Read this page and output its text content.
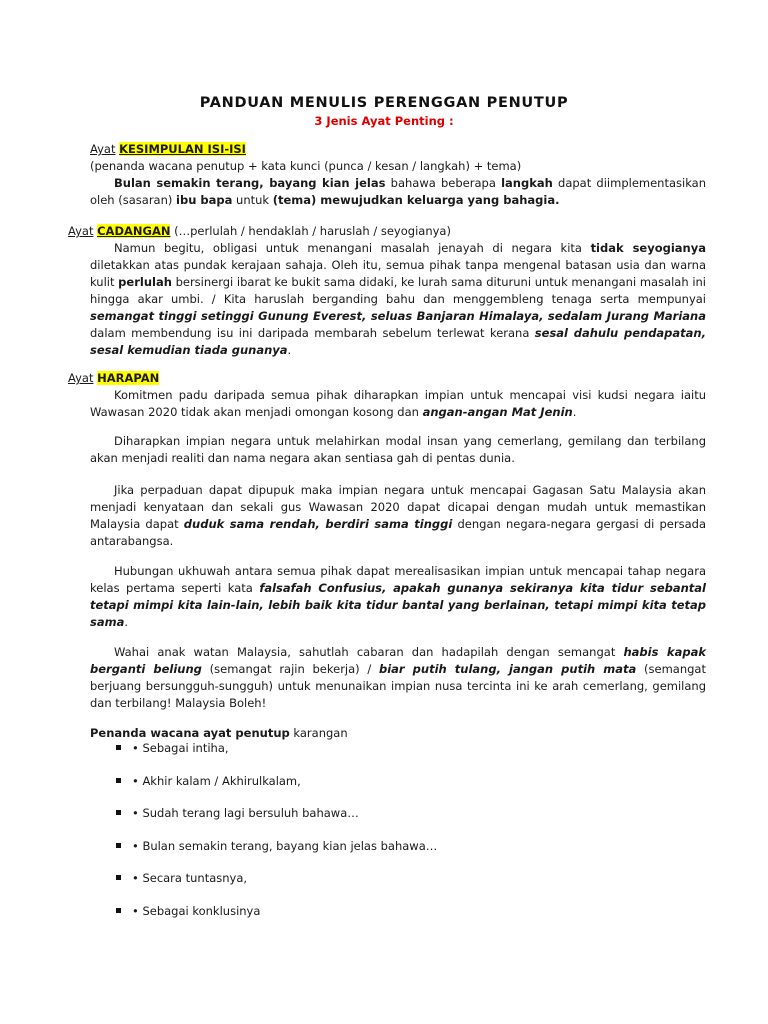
PANDUAN MENULIS PERENGGAN PENUTUP
3 Jenis Ayat Penting :
Ayat KESIMPULAN ISI-ISI
(penanda wacana penutup + kata kunci (punca / kesan / langkah) + tema)
Bulan semakin terang, bayang kian jelas bahawa beberapa langkah dapat diimplementasikan oleh (sasaran) ibu bapa untuk (tema) mewujudkan keluarga yang bahagia.
Ayat CADANGAN (…perlulah / hendaklah / haruslah / seyogianya)
Namun begitu, obligasi untuk menangani masalah jenayah di negara kita tidak seyogianya diletakkan atas pundak kerajaan sahaja. Oleh itu, semua pihak tanpa mengenal batasan usia dan warna kulit perlulah bersinergi ibarat ke bukit sama didaki, ke lurah sama dituruni untuk menangani masalah ini hingga akar umbi. / Kita haruslah berganding bahu dan menggembleng tenaga serta mempunyai semangat tinggi setinggi Gunung Everest, seluas Banjaran Himalaya, sedalam Jurang Mariana dalam membendung isu ini daripada membarah sebelum terlewat kerana sesal dahulu pendapatan, sesal kemudian tiada gunanya.
Ayat HARAPAN
Komitmen padu daripada semua pihak diharapkan impian untuk mencapai visi kudsi negara iaitu Wawasan 2020 tidak akan menjadi omongan kosong dan angan-angan Mat Jenin.
Diharapkan impian negara untuk melahirkan modal insan yang cemerlang, gemilang dan terbilang akan menjadi realiti dan nama negara akan sentiasa gah di pentas dunia.
Jika perpaduan dapat dipupuk maka impian negara untuk mencapai Gagasan Satu Malaysia akan menjadi kenyataan dan sekali gus Wawasan 2020 dapat dicapai dengan mudah untuk memastikan Malaysia dapat duduk sama rendah, berdiri sama tinggi dengan negara-negara gergasi di persada antarabangsa.
Hubungan ukhuwah antara semua pihak dapat merealisasikan impian untuk mencapai tahap negara kelas pertama seperti kata falsafah Confusius, apakah gunanya sekiranya kita tidur sebantal tetapi mimpi kita lain-lain, lebih baik kita tidur bantal yang berlainan, tetapi mimpi kita tetap sama.
Wahai anak watan Malaysia, sahutlah cabaran dan hadapilah dengan semangat habis kapak berganti beliung (semangat rajin bekerja) / biar putih tulang, jangan putih mata (semangat berjuang bersungguh-sungguh) untuk menunaikan impian nusa tercinta ini ke arah cemerlang, gemilang dan terbilang! Malaysia Boleh!
Penanda wacana ayat penutup karangan
• Sebagai intiha,
• Akhir kalam / Akhirulkalam,
• Sudah terang lagi bersuluh bahawa…
• Bulan semakin terang, bayang kian jelas bahawa…
• Secara tuntasnya,
• Sebagai konklusinya
